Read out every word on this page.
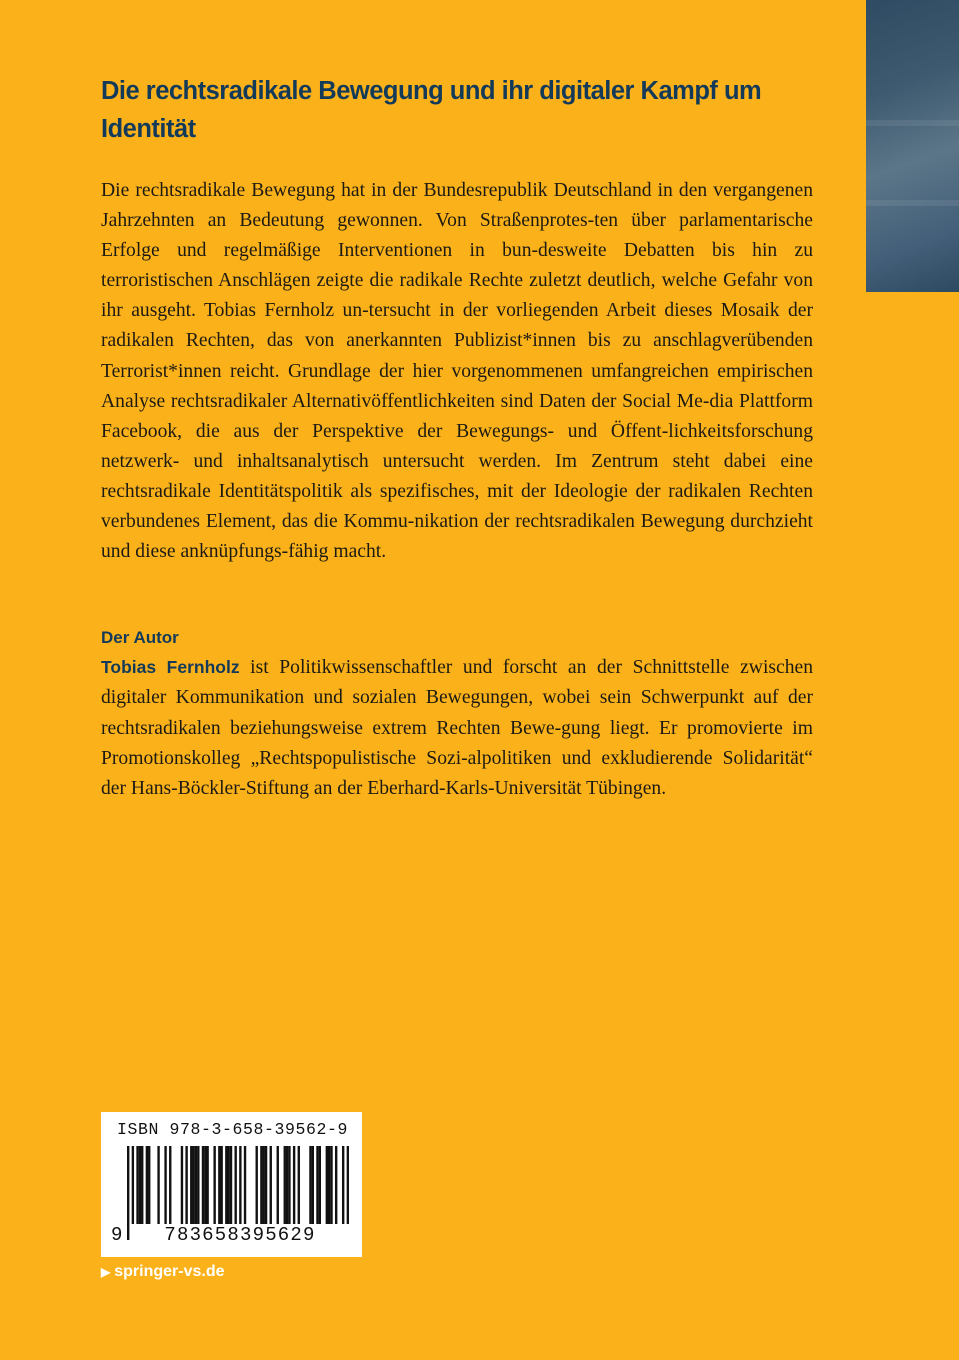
Die rechtsradikale Bewegung und ihr digitaler Kampf um
Identität

Die rechtsradikale Bewegung hat in der Bundesrepublik Deutschland in den vergangenen Jahrzehnten an Bedeutung gewonnen. Von Straßenprotes-ten über parlamentarische Erfolge und regelmäßige Interventionen in bun-desweite Debatten bis hin zu terroristischen Anschlägen zeigte die radikale Rechte zuletzt deutlich, welche Gefahr von ihr ausgeht. Tobias Fernholz un-tersucht in der vorliegenden Arbeit dieses Mosaik der radikalen Rechten, das von anerkannten Publizist*innen bis zu anschlagverübenden Terrorist*innen reicht. Grundlage der hier vorgenommenen umfangreichen empirischen Analyse rechtsradikaler Alternativöffentlichkeiten sind Daten der Social Me-dia Plattform Facebook, die aus der Perspektive der Bewegungs- und Öffent-lichkeitsforschung netzwerk- und inhaltsanalytisch untersucht werden. Im Zentrum steht dabei eine rechtsradikale Identitätspolitik als spezifisches, mit der Ideologie der radikalen Rechten verbundenes Element, das die Kommu-nikation der rechtsradikalen Bewegung durchzieht und diese anknüpfungs-fähig macht.

Der Autor

Tobias Fernholz ist Politikwissenschaftler und forscht an der Schnittstelle zwischen digitaler Kommunikation und sozialen Bewegungen, wobei sein Schwerpunkt auf der rechtsradikalen beziehungsweise extrem Rechten Bewe-gung liegt. Er promovierte im Promotionskolleg „Rechtspopulistische Sozi-alpolitiken und exkludierende Solidarität“ der Hans-Böckler-Stiftung an der Eberhard-Karls-Universität Tübingen.

ISBN 978-3-658-39562-9
9	783658395629
▶ springer-vs.de
